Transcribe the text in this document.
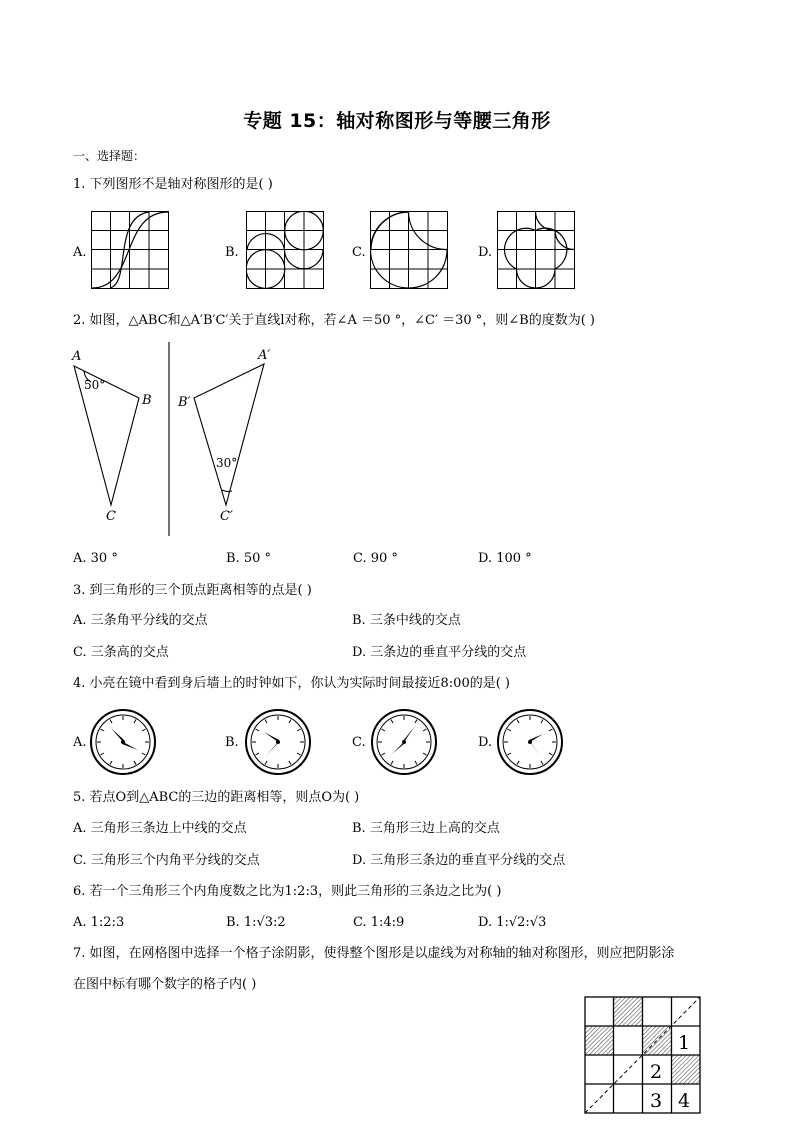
专题 15：轴对称图形与等腰三角形
一、选择题：
1. 下列图形不是轴对称图形的是( )
A.	B.	C.	D.
2. 如图，△ABC和△A′B′C′关于直线l对称，若∠A ＝50 °，∠C′ ＝30 °，则∠B的度数为( )
A
B
C
50°
A′
B′
C′
30°
A. 30 °	B. 50 °	C. 90 °	D. 100 °
3. 到三角形的三个顶点距离相等的点是( )
A. 三条角平分线的交点	B. 三条中线的交点
C. 三条高的交点	D. 三条边的垂直平分线的交点
4. 小亮在镜中看到身后墙上的时钟如下，你认为实际时间最接近8:00的是( )
A.	B.	C.	D.
5. 若点O到△ABC的三边的距离相等，则点O为( )
A. 三角形三条边上中线的交点	B. 三角形三边上高的交点
C. 三角形三个内角平分线的交点	D. 三角形三条边的垂直平分线的交点
6. 若一个三角形三个内角度数之比为1:2:3，则此三角形的三条边之比为( )
A. 1:2:3	B. 1:√3:2	C. 1:4:9	D. 1:√2:√3
7. 如图，在网格图中选择一个格子涂阴影，使得整个图形是以虚线为对称轴的轴对称图形，则应把阴影涂
在图中标有哪个数字的格子内( )
1
2
3 4
